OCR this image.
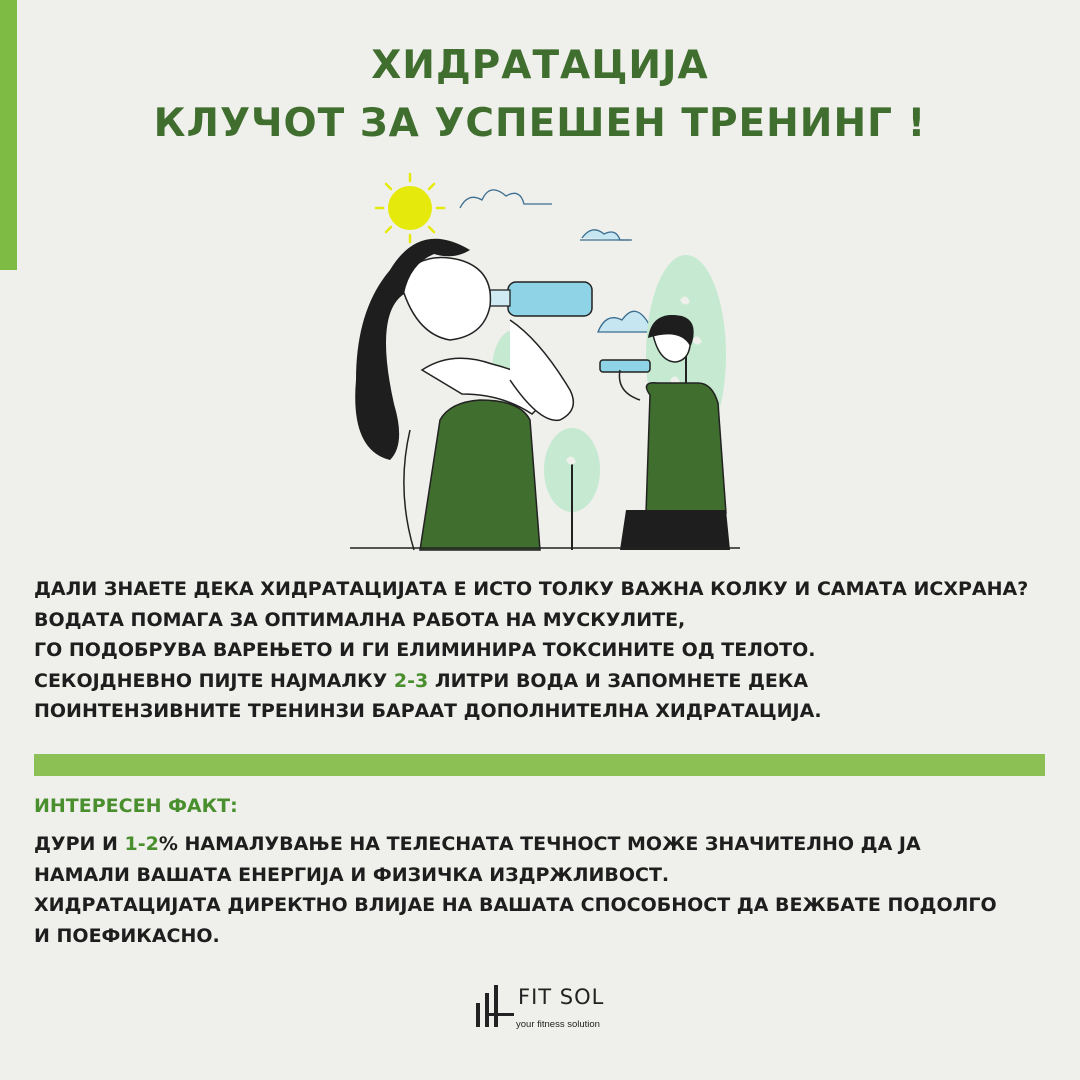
ХИДРАТАЦИЈА
КЛУЧОТ ЗА УСПЕШЕН ТРЕНИНГ !

ДАЛИ ЗНАЕТЕ ДЕКА ХИДРАТАЦИЈАТА Е ИСТО ТОЛКУ ВАЖНА КОЛКУ И САМАТА ИСХРАНА?
ВОДАТА ПОМАГА ЗА ОПТИМАЛНА РАБОТА НА МУСКУЛИТЕ,
ГО ПОДОБРУВА ВАРЕЊЕТО И ГИ ЕЛИМИНИРА ТОКСИНИТЕ ОД ТЕЛОТО.
СЕКОЈДНЕВНО ПИЈТЕ НАЈМАЛКУ 2-3 ЛИТРИ ВОДА И ЗАПОМНЕТЕ ДЕКА
ПОИНТЕНЗИВНИТЕ ТРЕНИНЗИ БАРААТ ДОПОЛНИТЕЛНА ХИДРАТАЦИЈА.

ИНТЕРЕСЕН ФАКТ:

ДУРИ И 1-2% НАМАЛУВАЊЕ НА ТЕЛЕСНАТА ТЕЧНОСТ МОЖЕ ЗНАЧИТЕЛНО ДА ЈА
НАМАЛИ ВАШАТА ЕНЕРГИЈА И ФИЗИЧКА ИЗДРЖЛИВОСТ.
ХИДРАТАЦИЈАТА ДИРЕКТНО ВЛИЈАЕ НА ВАШАТА СПОСОБНОСТ ДА ВЕЖБАТЕ ПОДОЛГО
И ПОЕФИКАСНО.

FIT SOL
your fitness solution
